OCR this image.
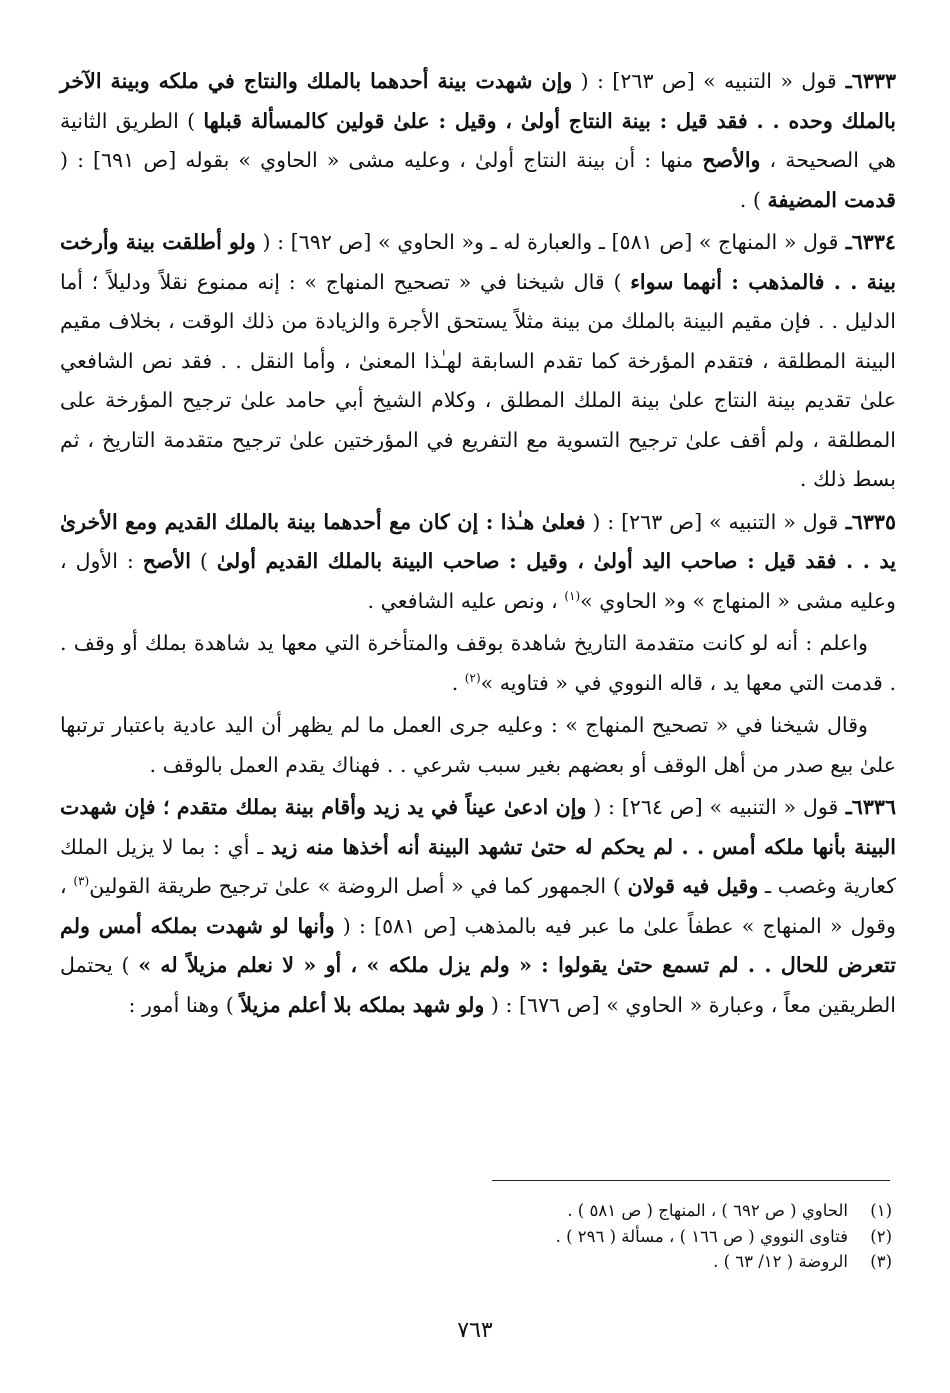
٦٣٣٣ـ قول « التنبيه » [ص ٢٦٣] : ( وإن شهدت بينة أحدهما بالملك والنتاج في ملكه وبينة الآخر بالملك وحده . . فقد قيل : بينة النتاج أولىٰ ، وقيل : علىٰ قولين كالمسألة قبلها ) الطريق الثانية هي الصحيحة ، والأصح منها : أن بينة النتاج أولىٰ ، وعليه مشى « الحاوي » بقوله [ص ٦٩١] : ( قدمت المضيفة ) .

٦٣٣٤ـ قول « المنهاج » [ص ٥٨١] ـ والعبارة له ـ و« الحاوي » [ص ٦٩٢] : ( ولو أطلقت بينة وأرخت بينة . . فالمذهب : أنهما سواء ) قال شيخنا في « تصحيح المنهاج » : إنه ممنوع نقلاً ودليلاً ؛ أما الدليل . . فإن مقيم البينة بالملك من بينة مثلاً يستحق الأجرة والزيادة من ذلك الوقت ، بخلاف مقيم البينة المطلقة ، فتقدم المؤرخة كما تقدم السابقة لهـٰذا المعنىٰ ، وأما النقل . . فقد نص الشافعي علىٰ تقديم بينة النتاج علىٰ بينة الملك المطلق ، وكلام الشيخ أبي حامد علىٰ ترجيح المؤرخة على المطلقة ، ولم أقف علىٰ ترجيح التسوية مع التفريع في المؤرختين علىٰ ترجيح متقدمة التاريخ ، ثم بسط ذلك .

٦٣٣٥ـ قول « التنبيه » [ص ٢٦٣] : ( فعلىٰ هـٰذا : إن كان مع أحدهما بينة بالملك القديم ومع الأخرىٰ يد . . فقد قيل : صاحب اليد أولىٰ ، وقيل : صاحب البينة بالملك القديم أولىٰ ) الأصح : الأول ، وعليه مشى « المنهاج » و« الحاوي »$^{(١)}$ ، ونص عليه الشافعي .

واعلم : أنه لو كانت متقدمة التاريخ شاهدة بوقف والمتأخرة التي معها يد شاهدة بملك أو وقف . . قدمت التي معها يد ، قاله النووي في « فتاويه »$^{(٢)}$ .

وقال شيخنا في « تصحيح المنهاج » : وعليه جرى العمل ما لم يظهر أن اليد عادية باعتبار ترتبها علىٰ بيع صدر من أهل الوقف أو بعضهم بغير سبب شرعي . . فهناك يقدم العمل بالوقف .

٦٣٣٦ـ قول « التنبيه » [ص ٢٦٤] : ( وإن ادعىٰ عيناً في يد زيد وأقام بينة بملك متقدم ؛ فإن شهدت البينة بأنها ملكه أمس . . لم يحكم له حتىٰ تشهد البينة أنه أخذها منه زيد ـ أي : بما لا يزيل الملك كعارية وغصب ـ وقيل فيه قولان ) الجمهور كما في « أصل الروضة » علىٰ ترجيح طريقة القولين$^{(٣)}$ ، وقول « المنهاج » عطفاً علىٰ ما عبر فيه بالمذهب [ص ٥٨١] : ( وأنها لو شهدت بملكه أمس ولم تتعرض للحال . . لم تسمع حتىٰ يقولوا : « ولم يزل ملكه » ، أو « لا نعلم مزيلاً له » ) يحتمل الطريقين معاً ، وعبارة « الحاوي » [ص ٦٧٦] : ( ولو شهد بملكه بلا أعلم مزيلاً ) وهنا أمور :

(١)
الحاوي ( ص ٦٩٢ ) ، المنهاج ( ص ٥٨١ ) .
(٢)
فتاوى النووي ( ص ١٦٦ ) ، مسألة ( ٢٩٦ ) .
(٣)
الروضة ( ١٢/ ٦٣ ) .
٧٦٣
